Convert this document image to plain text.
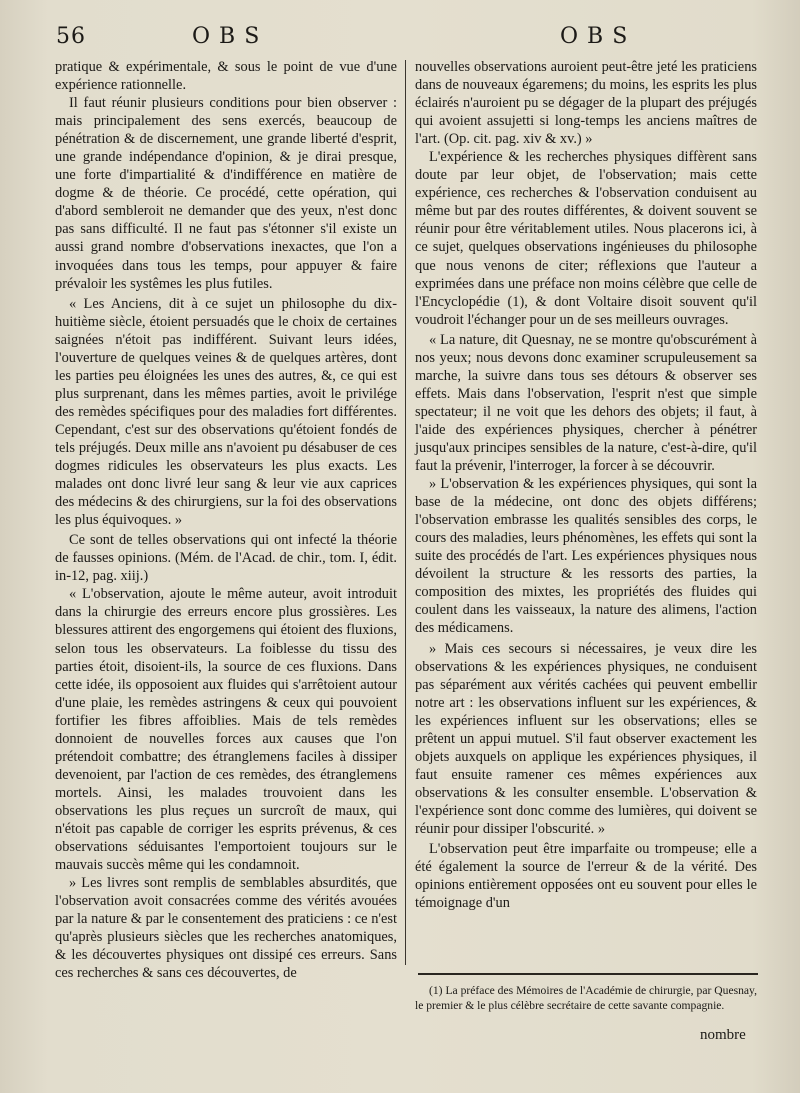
56	OBS	OBS

pratique & expérimentale, & sous le point de vue d'une expérience rationnelle.

Il faut réunir plusieurs conditions pour bien observer : mais principalement des sens exercés, beaucoup de pénétration & de discernement, une grande liberté d'esprit, une grande indépendance d'opinion, & je dirai presque, une forte d'impartialité & d'indifférence en matière de dogme & de théorie. Ce procédé, cette opération, qui d'abord sembleroit ne demander que des yeux, n'est donc pas sans difficulté. Il ne faut pas s'étonner s'il existe un aussi grand nombre d'observations inexactes, que l'on a invoquées dans tous les temps, pour appuyer & faire prévaloir les systêmes les plus futiles.

« Les Anciens, dit à ce sujet un philosophe du dix-huitième siècle, étoient persuadés que le choix de certaines saignées n'étoit pas indifférent. Suivant leurs idées, l'ouverture de quelques veines & de quelques artères, dont les parties peu éloignées les unes des autres, &, ce qui est plus surprenant, dans les mêmes parties, avoit le privilége des remèdes spécifiques pour des maladies fort différentes. Cependant, c'est sur des observations qu'étoient fondés de tels préjugés. Deux mille ans n'avoient pu désabuser de ces dogmes ridicules les observateurs les plus exacts. Les malades ont donc livré leur sang & leur vie aux caprices des médecins & des chirurgiens, sur la foi des observations les plus équivoques. »

Ce sont de telles observations qui ont infecté la théorie de fausses opinions. (Mém. de l'Acad. de chir., tom. I, édit. in-12, pag. xiij.)

« L'observation, ajoute le même auteur, avoit introduit dans la chirurgie des erreurs encore plus grossières. Les blessures attirent des engorgemens qui étoient des fluxions, selon tous les observateurs. La foiblesse du tissu des parties étoit, disoient-ils, la source de ces fluxions. Dans cette idée, ils opposoient aux fluides qui s'arrêtoient autour d'une plaie, les remèdes astringens & ceux qui pouvoient fortifier les fibres affoiblies. Mais de tels remèdes donnoient de nouvelles forces aux causes que l'on prétendoit combattre; des étranglemens faciles à dissiper devenoient, par l'action de ces remèdes, des étranglemens mortels. Ainsi, les malades trouvoient dans les observations les plus reçues un surcroît de maux, qui n'étoit pas capable de corriger les esprits prévenus, & ces observations séduisantes l'emportoient toujours sur le mauvais succès même qui les condamnoit.

» Les livres sont remplis de semblables absurdités, que l'observation avoit consacrées comme des vérités avouées par la nature & par le consentement des praticiens : ce n'est qu'après plusieurs siècles que les recherches anatomiques, & les découvertes physiques ont dissipé ces erreurs. Sans ces recherches & sans ces découvertes, de

nouvelles observations auroient peut-être jeté les praticiens dans de nouveaux égaremens; du moins, les esprits les plus éclairés n'auroient pu se dégager de la plupart des préjugés qui avoient assujetti si long-temps les anciens maîtres de l'art. (Op. cit. pag. xiv & xv.) »

L'expérience & les recherches physiques diffèrent sans doute par leur objet, de l'observation; mais cette expérience, ces recherches & l'observation conduisent au même but par des routes différentes, & doivent souvent se réunir pour être véritablement utiles. Nous placerons ici, à ce sujet, quelques observations ingénieuses du philosophe que nous venons de citer; réflexions que l'auteur a exprimées dans une préface non moins célèbre que celle de l'Encyclopédie (1), & dont Voltaire disoit souvent qu'il voudroit l'échanger pour un de ses meilleurs ouvrages.

« La nature, dit Quesnay, ne se montre qu'obscurément à nos yeux; nous devons donc examiner scrupuleusement sa marche, la suivre dans tous ses détours & observer ses effets. Mais dans l'observation, l'esprit n'est que simple spectateur; il ne voit que les dehors des objets; il faut, à l'aide des expériences physiques, chercher à pénétrer jusqu'aux principes sensibles de la nature, c'est-à-dire, qu'il faut la prévenir, l'interroger, la forcer à se découvrir.

» L'observation & les expériences physiques, qui sont la base de la médecine, ont donc des objets différens; l'observation embrasse les qualités sensibles des corps, le cours des maladies, leurs phénomènes, les effets qui sont la suite des procédés de l'art. Les expériences physiques nous dévoilent la structure & les ressorts des parties, la composition des mixtes, les propriétés des fluides qui coulent dans les vaisseaux, la nature des alimens, l'action des médicamens.

» Mais ces secours si nécessaires, je veux dire les observations & les expériences physiques, ne conduisent pas séparément aux vérités cachées qui peuvent embellir notre art : les observations influent sur les expériences, & les expériences influent sur les observations; elles se prêtent un appui mutuel. S'il faut observer exactement les objets auxquels on applique les expériences physiques, il faut ensuite ramener ces mêmes expériences aux observations & les consulter ensemble. L'observation & l'expérience sont donc comme des lumières, qui doivent se réunir pour dissiper l'obscurité. »

L'observation peut être imparfaite ou trompeuse; elle a été également la source de l'erreur & de la vérité. Des opinions entièrement opposées ont eu souvent pour elles le témoignage d'un

(1) La préface des Mémoires de l'Académie de chirurgie, par Quesnay, le premier & le plus célèbre secrétaire de cette savante compagnie.

nombre
